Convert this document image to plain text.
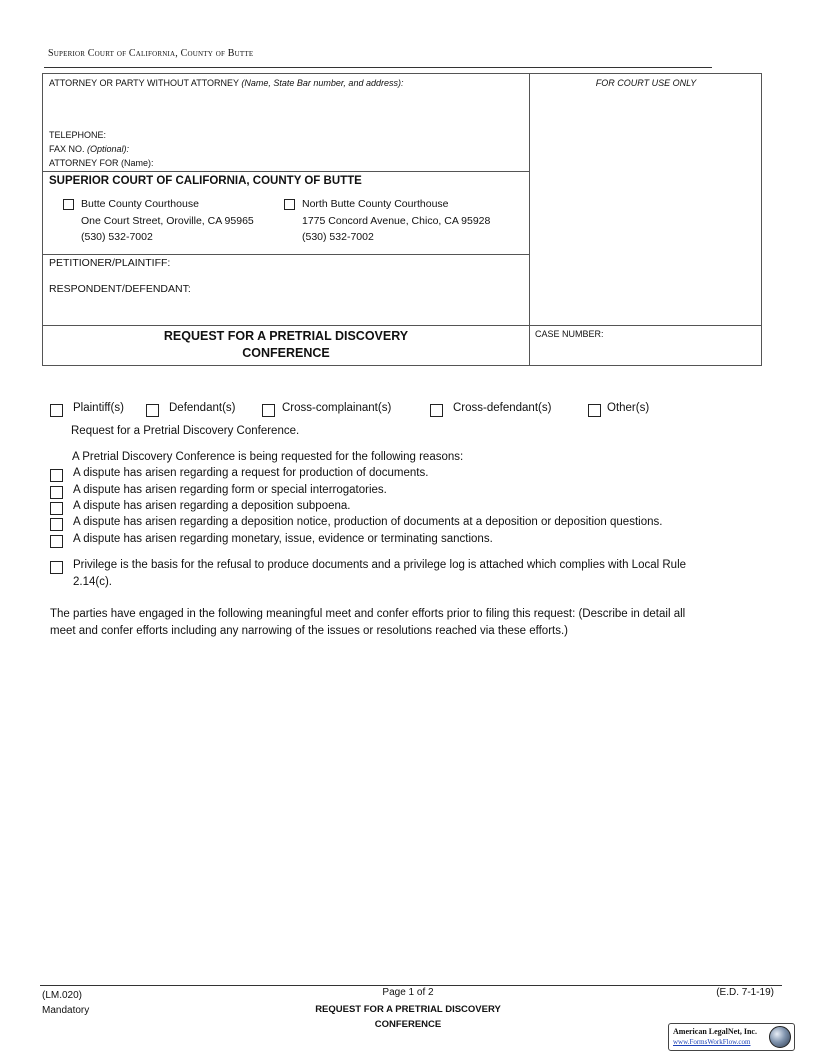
Superior Court of California, County of Butte
ATTORNEY OR PARTY WITHOUT ATTORNEY (Name, State Bar number, and address):	FOR COURT USE ONLY
TELEPHONE:
FAX NO. (Optional):
ATTORNEY FOR (Name):
SUPERIOR COURT OF CALIFORNIA, COUNTY OF BUTTE
Butte County Courthouse
One Court Street, Oroville, CA 95965
(530) 532-7002
North Butte County Courthouse
1775 Concord Avenue, Chico, CA 95928
(530) 532-7002
PETITIONER/PLAINTIFF:
RESPONDENT/DEFENDANT:
REQUEST FOR A PRETRIAL DISCOVERY
CONFERENCE
CASE NUMBER:
Plaintiff(s)	Defendant(s)	Cross-complainant(s)	Cross-defendant(s)	Other(s)
Request for a Pretrial Discovery Conference.
A Pretrial Discovery Conference is being requested for the following reasons:
A dispute has arisen regarding a request for production of documents.
A dispute has arisen regarding form or special interrogatories.
A dispute has arisen regarding a deposition subpoena.
A dispute has arisen regarding a deposition notice, production of documents at a deposition or deposition questions.
A dispute has arisen regarding monetary, issue, evidence or terminating sanctions.
Privilege is the basis for the refusal to produce documents and a privilege log is attached which complies with Local Rule
2.14(c).
The parties have engaged in the following meaningful meet and confer efforts prior to filing this request: (Describe in detail all
meet and confer efforts including any narrowing of the issues or resolutions reached via these efforts.)
(LM.020)
Mandatory
Page 1 of 2
REQUEST FOR A PRETRIAL DISCOVERY
CONFERENCE
(E.D. 7-1-19)
American LegalNet, Inc.
www.FormsWorkFlow.com
